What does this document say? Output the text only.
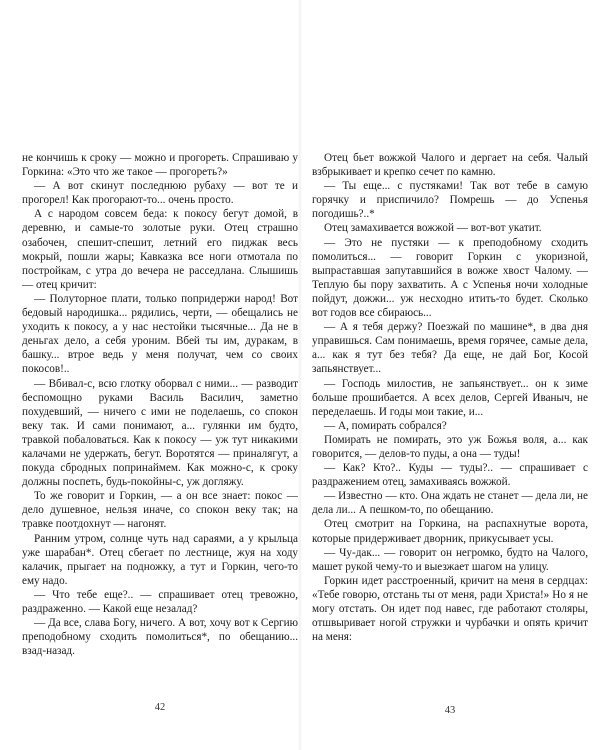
не кончишь к сроку — можно и прогореть. Спрашиваю у Горкина: «Это что же такое — прогореть?»

— А вот скинут последнюю рубаху — вот те и прогорел! Как прогорают-то... очень просто.

А с народом совсем беда: к покосу бегут домой, в деревню, и самые-то золотые руки. Отец страшно озабочен, спешит-спешит, летний его пиджак весь мокрый, пошли жары; Кавказка все ноги отмотала по постройкам, с утра до вечера не расседлана. Слышишь — отец кричит:

— Полуторное плати, только попридержи народ! Вот бедовый народишка... рядились, черти, — обещались не уходить к покосу, а у нас нестойки тысячные... Да не в деньгах дело, а себя уроним. Вбей ты им, дуракам, в башку... втрое ведь у меня получат, чем со своих покосов!..

— Вбивал-с, всю глотку оборвал с ними... — разводит беспомощно руками Василь Василич, заметно похудевший, — ничего с ими не поделаешь, со спокон веку так. И сами понимают, а... гулянки им будто, травкой побаловаться. Как к покосу — уж тут никакими калачами не удержать, бегут. Воротятся — приналягут, а покуда сбродных попринаймем. Как можно-с, к сроку должны поспеть, будь-покойны-с, уж догляжу.

То же говорит и Горкин, — а он все знает: покос — дело душевное, нельзя иначе, со спокон веку так; на травке поотдохнут — нагонят.

Ранним утром, солнце чуть над сараями, а у крыльца уже шарабан*. Отец сбегает по лестнице, жуя на ходу калачик, прыгает на подножку, а тут и Горкин, чего-то ему надо.

— Что тебе еще?.. — спрашивает отец тревожно, раздраженно. — Какой еще незалад?

— Да все, слава Богу, ничего. А вот, хочу вот к Сергию преподобному сходить помолиться*, по обещанию... взад-назад.

42

Отец бьет вожжой Чалого и дергает на себя. Чалый взбрыкивает и крепко сечет по камню.

— Ты еще... с пустяками! Так вот тебе в самую горячку и приспичило? Помрешь — до Успенья погодишь?..*

Отец замахивается вожжой — вот-вот укатит.

— Это не пустяки — к преподобному сходить помолиться... — говорит Горкин с укоризной, выпраставшая запутавшийся в вожже хвост Чалому. — Теплую бы пору захватить. А с Успенья ночи холодные пойдут, дожжи... уж несходно итить-то будет. Сколько вот годов все сбираюсь...

— А я тебя держу? Поезжай по машине*, в два дня управишься. Сам понимаешь, время горячее, самые дела, а... как я тут без тебя? Да еще, не дай Бог, Косой запьянствует...

— Господь милостив, не запьянствует... он к зиме больше прошибается. А всех делов, Сергей Иваныч, не переделаешь. И годы мои такие, и...

— А, помирать собрался?

Помирать не помирать, это уж Божья воля, а... как говорится, — делов-то пуды, а она — туды!

— Как? Кто?.. Куды — туды?.. — спрашивает с раздражением отец, замахиваясь вожжой.

— Известно — кто. Она ждать не станет — дела ли, не дела ли... А пешком-то, по обещанию.

Отец смотрит на Горкина, на распахнутые ворота, которые придерживает дворник, прикусывает усы.

— Чу-дак... — говорит он негромко, будто на Чалого, машет рукой чему-то и выезжает шагом на улицу.

Горкин идет расстроенный, кричит на меня в сердцах: «Тебе говорю, отстань ты от меня, ради Христа!» Но я не могу отстать. Он идет под навес, где работают столяры, отшвыривает ногой стружки и чурбачки и опять кричит на меня:

43
